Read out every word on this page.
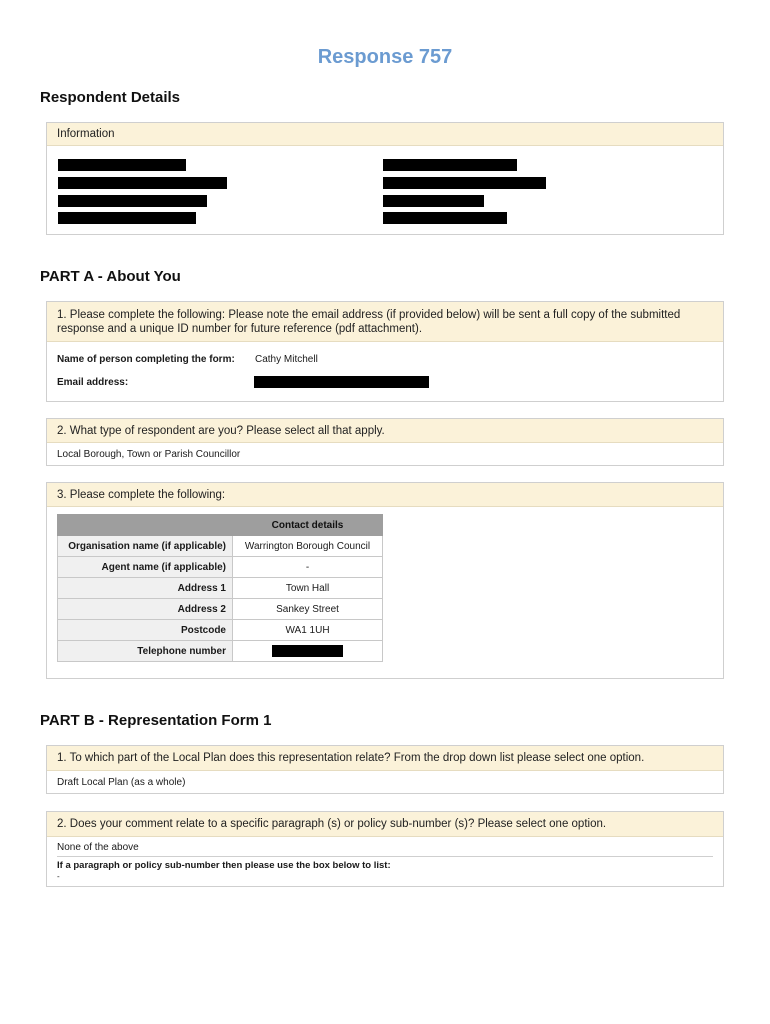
Response 757
Respondent Details
Information
PART A - About You
1. Please complete the following: Please note the email address (if provided below) will be sent a full copy of the submitted response and a unique ID number for future reference (pdf attachment).
Name of person completing the form: Cathy Mitchell
Email address:
2. What type of respondent are you? Please select all that apply.
Local Borough, Town or Parish Councillor
3. Please complete the following:
	Contact details
Organisation name (if applicable)	Warrington Borough Council
Agent name (if applicable)	-
Address 1	Town Hall
Address 2	Sankey Street
Postcode	WA1 1UH
Telephone number	
PART B - Representation Form 1
1. To which part of the Local Plan does this representation relate? From the drop down list please select one option.
Draft Local Plan (as a whole)
2. Does your comment relate to a specific paragraph (s) or policy sub-number (s)? Please select one option.
None of the above
If a paragraph or policy sub-number then please use the box below to list:
-
